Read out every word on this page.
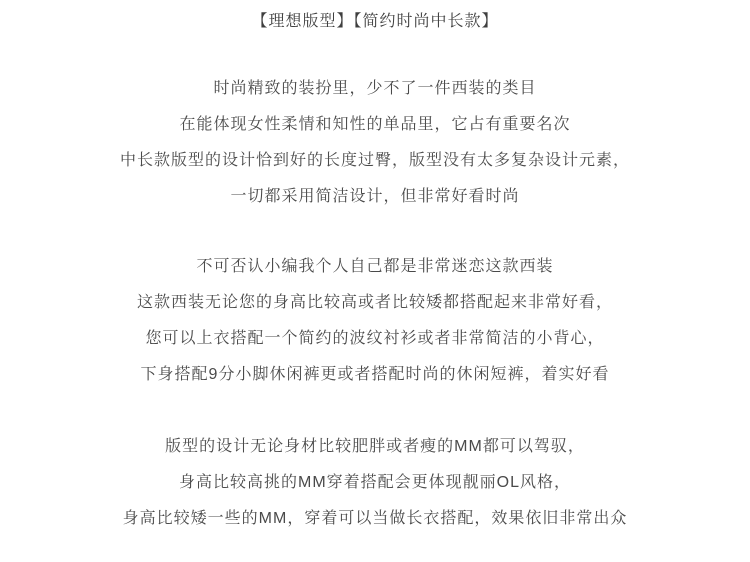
【理想版型】【简约时尚中长款】
时尚精致的装扮里，少不了一件西装的类目
在能体现女性柔情和知性的单品里，它占有重要名次
中长款版型的设计恰到好的长度过臀，版型没有太多复杂设计元素，
一切都采用简洁设计，但非常好看时尚
不可否认小编我个人自己都是非常迷恋这款西装
这款西装无论您的身高比较高或者比较矮都搭配起来非常好看，
您可以上衣搭配一个简约的波纹衬衫或者非常简洁的小背心，
下身搭配9分小脚休闲裤更或者搭配时尚的休闲短裤，着实好看
版型的设计无论身材比较肥胖或者瘦的MM都可以驾驭，
身高比较高挑的MM穿着搭配会更体现靓丽OL风格，
身高比较矮一些的MM，穿着可以当做长衣搭配，效果依旧非常出众
